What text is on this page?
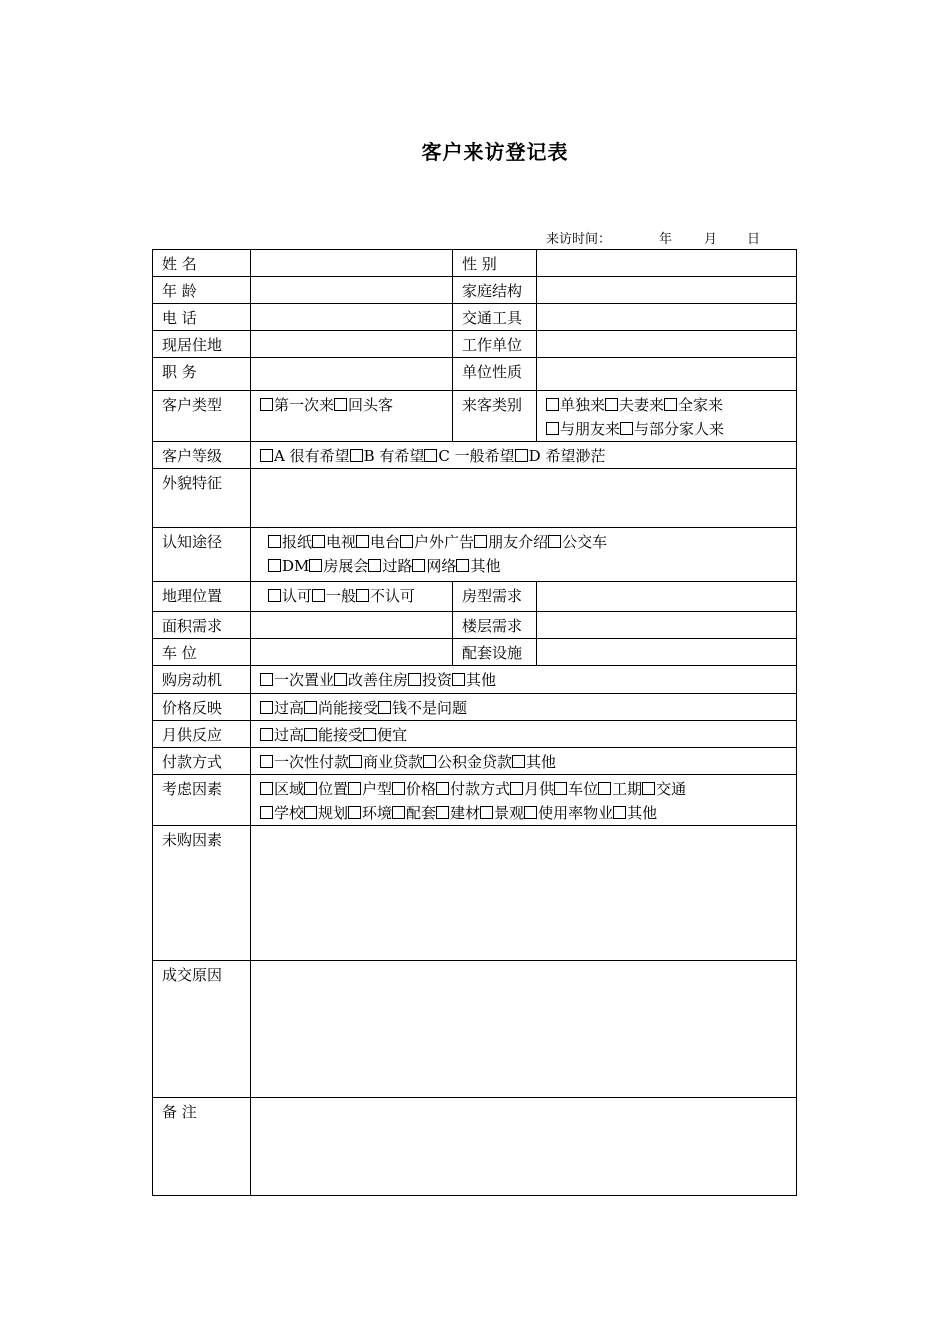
客户来访登记表
来访时间：	年 月 日
姓 名		性 别	
年 龄		家庭结构	
电 话		交通工具	
现居住地		工作单位	
职 务		单位性质	
客户类型	第一次来 回头客	来客类别	单独来 夫妻来 全家来
与朋友来 与部分家人来

客户等级	A 很有希望 B 有希望 C 一般希望 D 希望渺茫		
外貌特征			
认知途径	报纸 电视 电台 户外广告 朋友介绍 公交车
DM 房展会 过路 网络 其他		

地理位置	认可 一般 不认可	房型需求	
面积需求		楼层需求	
车 位		配套设施	
购房动机	一次置业 改善住房 投资 其他		
价格反映	过高 尚能接受 钱不是问题		
月供反应	过高 能接受 便宜		
付款方式	一次性付款 商业贷款 公积金贷款 其他		
考虑因素	区域 位置 户型 价格 付款方式 月供 车位 工期 交通
学校 规划 环境 配套 建材 景观 使用率物业 其他		

未购因素			
成交原因			
备 注			
